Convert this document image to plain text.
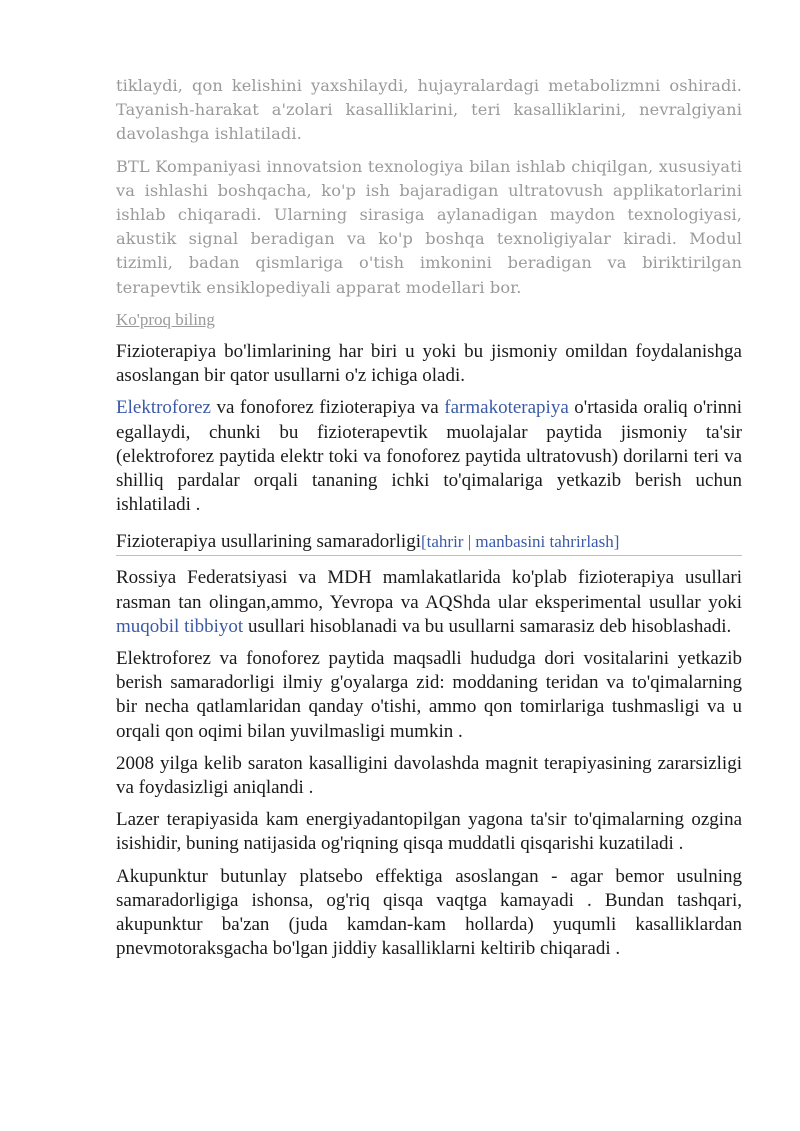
tiklaydi, qon kelishini yaxshilaydi, hujayralardagi metabolizmni oshiradi. Tayanish-harakat a'zolari kasalliklarini, teri kasalliklarini, nevralgiyani davolashga ishlatiladi.

BTL Kompaniyasi innovatsion texnologiya bilan ishlab chiqilgan, xususiyati va ishlashi boshqacha, ko'p ish bajaradigan ultratovush applikatorlarini ishlab chiqaradi. Ularning sirasiga aylanadigan maydon texnologiyasi, akustik signal beradigan va ko'p boshqa texnoligiyalar kiradi. Modul tizimli, badan qismlariga o'tish imkonini beradigan va biriktirilgan terapevtik ensiklopediyali apparat modellari bor.

Ko'proq biling

Fizioterapiya bo'limlarining har biri u yoki bu jismoniy omildan foydalanishga asoslangan bir qator usullarni o'z ichiga oladi.

Elektroforez va fonoforez fizioterapiya va farmakoterapiya o'rtasida oraliq o'rinni egallaydi, chunki bu fizioterapevtik muolajalar paytida jismoniy ta'sir (elektroforez paytida elektr toki va fonoforez paytida ultratovush) dorilarni teri va shilliq pardalar orqali tananing ichki to'qimalariga yetkazib berish uchun ishlatiladi .

Fizioterapiya usullarining samaradorligi[tahrir | manbasini tahrirlash]

Rossiya Federatsiyasi va MDH mamlakatlarida ko'plab fizioterapiya usullari rasman tan olingan,ammo, Yevropa va AQShda ular eksperimental usullar yoki muqobil tibbiyot usullari hisoblanadi va bu usullarni samarasiz deb hisoblashadi.

Elektroforez va fonoforez paytida maqsadli hududga dori vositalarini yetkazib berish samaradorligi ilmiy g'oyalarga zid: moddaning teridan va to'qimalarning bir necha qatlamlaridan qanday o'tishi, ammo qon tomirlariga tushmasligi va u orqali qon oqimi bilan yuvilmasligi mumkin .

2008 yilga kelib saraton kasalligini davolashda magnit terapiyasining zararsizligi va foydasizligi aniqlandi .

Lazer terapiyasida kam energiyadantopilgan yagona ta'sir to'qimalarning ozgina isishidir, buning natijasida og'riqning qisqa muddatli qisqarishi kuzatiladi .

Akupunktur butunlay platsebo effektiga asoslangan - agar bemor usulning samaradorligiga ishonsa, og'riq qisqa vaqtga kamayadi . Bundan tashqari, akupunktur ba'zan (juda kamdan-kam hollarda) yuqumli kasalliklardan pnevmotoraksgacha bo'lgan jiddiy kasalliklarni keltirib chiqaradi .
